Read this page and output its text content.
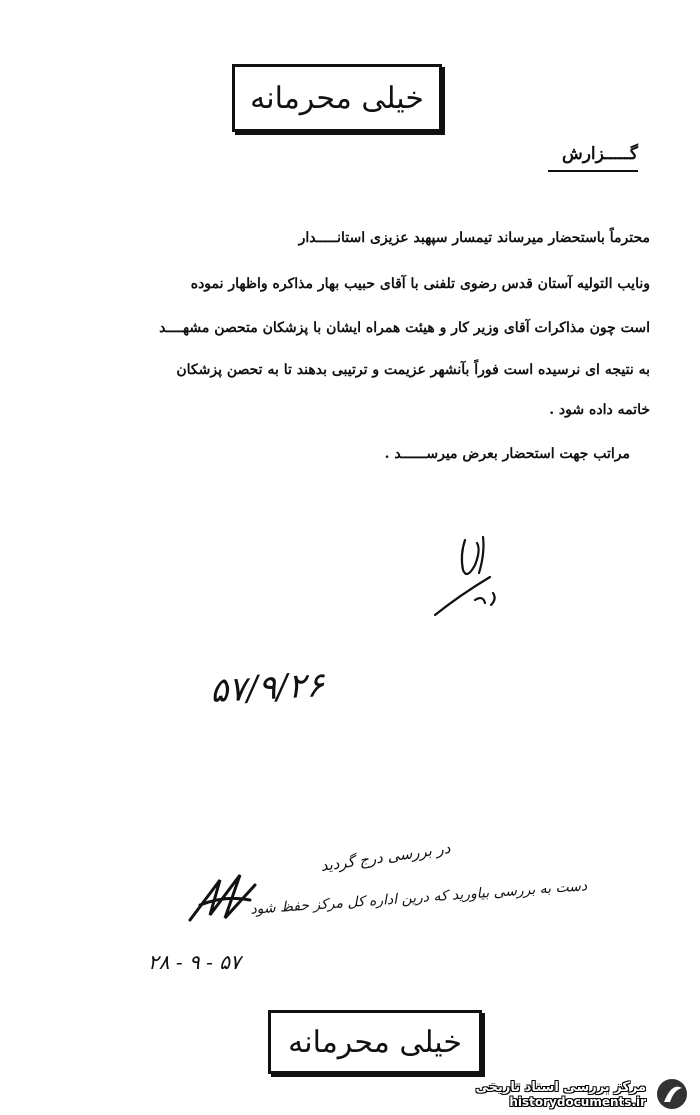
خیلی محرمانه
گـــــزارش
محترماً باستحضار میرساند تیمسار سپهبد عزیزی استانـــــدار
ونایب التولیه آستان قدس رضوی تلفنی با آقای حبیب بهار مذاکره واظهار نموده
است چون مذاکرات آقای وزیر کار و هیئت همراه ایشان با پزشکان متحصن مشهــــد
به نتیجه ای نرسیده است فوراً بآنشهر عزیمت و ترتیبی بدهند تا به تحصن پزشکان
خاتمه داده شود .
مراتب جهت استحضار بعرض میرســــــد .
۵۷/۹/۲۶
در بررسی درج گردید
دست به بررسی بیاورید که درین اداره کل مرکز حفظ شود
۵۷ - ۹ - ۲۸
خیلی محرمانه
مرکز بررسی اسناد تاریخی
historydocuments.ir
